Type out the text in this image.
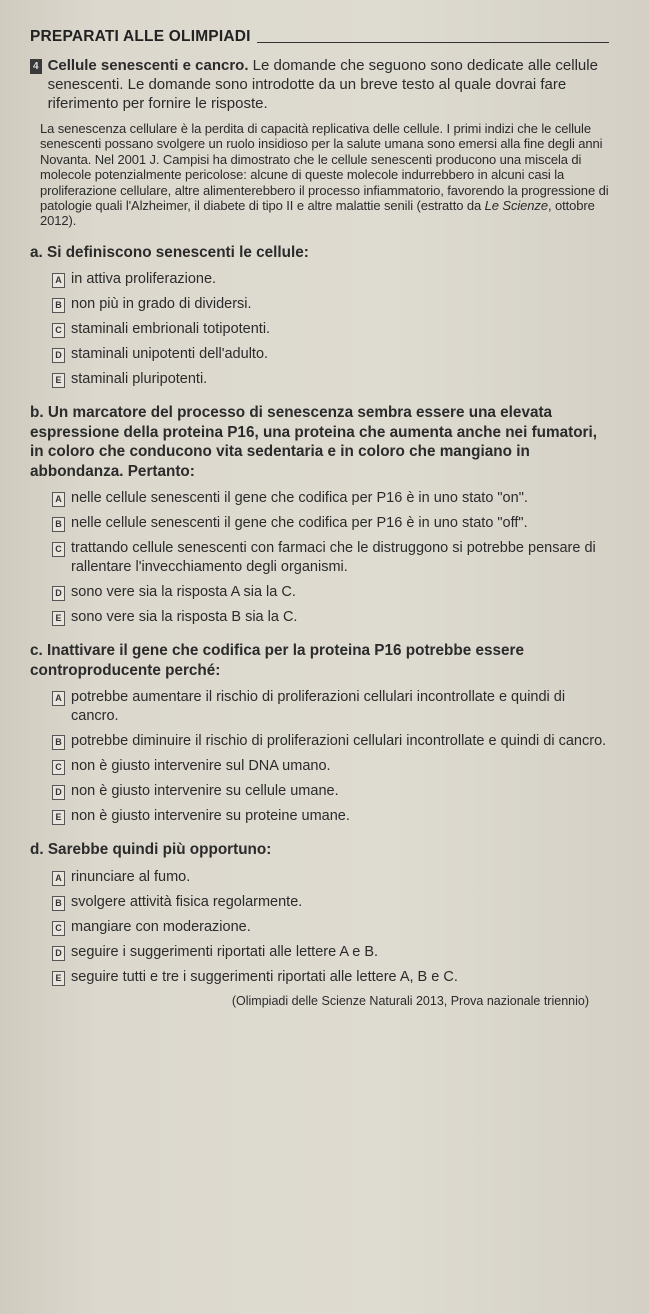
PREPARATI ALLE OLIMPIADI
4 Cellule senescenti e cancro. Le domande che seguono sono dedicate alle cellule senescenti. Le domande sono introdotte da un breve testo al quale dovrai fare riferimento per fornire le risposte.
La senescenza cellulare è la perdita di capacità replicativa delle cellule. I primi indizi che le cellule senescenti possano svolgere un ruolo insidioso per la salute umana sono emersi alla fine degli anni Novanta. Nel 2001 J. Campisi ha dimostrato che le cellule senescenti producono una miscela di molecole potenzialmente pericolose: alcune di queste molecole indurrebbero in alcuni casi la proliferazione cellulare, altre alimenterebbero il processo infiammatorio, favorendo la progressione di patologie quali l'Alzheimer, il diabete di tipo II e altre malattie senili (estratto da Le Scienze, ottobre 2012).
a. Si definiscono senescenti le cellule:
A in attiva proliferazione.
B non più in grado di dividersi.
C staminali embrionali totipotenti.
D staminali unipotenti dell'adulto.
E staminali pluripotenti.
b. Un marcatore del processo di senescenza sembra essere una elevata espressione della proteina P16, una proteina che aumenta anche nei fumatori, in coloro che conducono vita sedentaria e in coloro che mangiano in abbondanza. Pertanto:
A nelle cellule senescenti il gene che codifica per P16 è in uno stato "on".
B nelle cellule senescenti il gene che codifica per P16 è in uno stato "off".
C trattando cellule senescenti con farmaci che le distruggono si potrebbe pensare di rallentare l'invecchiamento degli organismi.
D sono vere sia la risposta A sia la C.
E sono vere sia la risposta B sia la C.
c. Inattivare il gene che codifica per la proteina P16 potrebbe essere controproducente perché:
A potrebbe aumentare il rischio di proliferazioni cellulari incontrollate e quindi di cancro.
B potrebbe diminuire il rischio di proliferazioni cellulari incontrollate e quindi di cancro.
C non è giusto intervenire sul DNA umano.
D non è giusto intervenire su cellule umane.
E non è giusto intervenire su proteine umane.
d. Sarebbe quindi più opportuno:
A rinunciare al fumo.
B svolgere attività fisica regolarmente.
C mangiare con moderazione.
D seguire i suggerimenti riportati alle lettere A e B.
E seguire tutti e tre i suggerimenti riportati alle lettere A, B e C.
(Olimpiadi delle Scienze Naturali 2013, Prova nazionale triennio)
